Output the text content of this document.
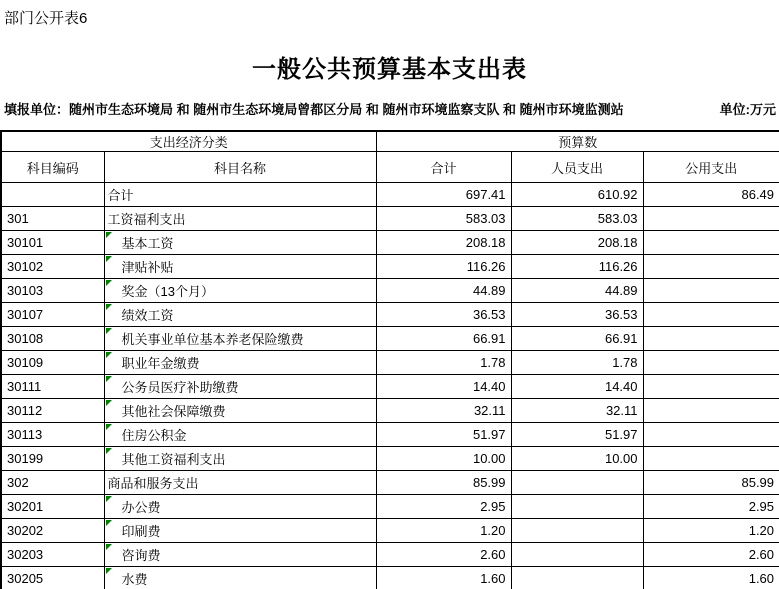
部门公开表6
一般公共预算基本支出表
填报单位：随州市生态环境局 和 随州市生态环境局曾都区分局 和 随州市环境监察支队 和 随州市环境监测站	单位:万元
支出经济分类		预算数		
科目编码	科目名称	合计	人员支出	公用支出
	合计	697.41	610.92	86.49
301	工资福利支出	583.03	583.03	
30101	基本工资	208.18	208.18	
30102	津贴补贴	116.26	116.26	
30103	奖金（13个月）	44.89	44.89	
30107	绩效工资	36.53	36.53	
30108	机关事业单位基本养老保险缴费	66.91	66.91	
30109	职业年金缴费	1.78	1.78	
30111	公务员医疗补助缴费	14.40	14.40	
30112	其他社会保障缴费	32.11	32.11	
30113	住房公积金	51.97	51.97	
30199	其他工资福利支出	10.00	10.00	
302	商品和服务支出	85.99		85.99
30201	办公费	2.95		2.95
30202	印刷费	1.20		1.20
30203	咨询费	2.60		2.60
30205	水费	1.60		1.60
